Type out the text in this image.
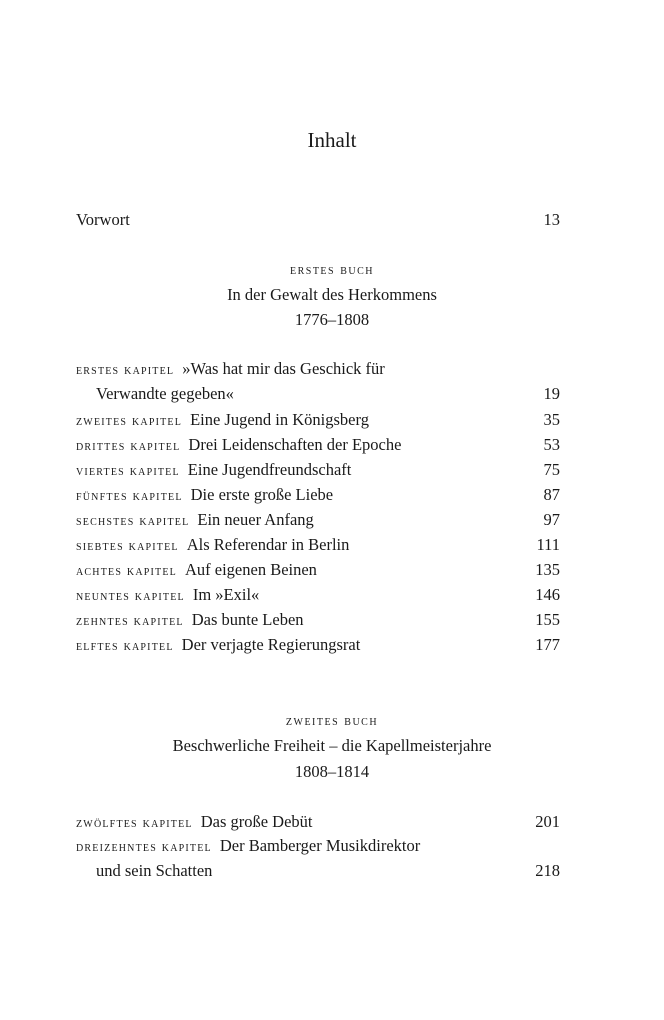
Inhalt
Vorwort	13
erstes buch
In der Gewalt des Herkommens
1776–1808
erstes kapitel »Was hat mir das Geschick für
Verwandte gegeben«	19
zweites kapitel Eine Jugend in Königsberg	35
drittes kapitel Drei Leidenschaften der Epoche	53
viertes kapitel Eine Jugendfreundschaft	75
fünftes kapitel Die erste große Liebe	87
sechstes kapitel Ein neuer Anfang	97
siebtes kapitel Als Referendar in Berlin	111
achtes kapitel Auf eigenen Beinen	135
neuntes kapitel Im »Exil«	146
zehntes kapitel Das bunte Leben	155
elftes kapitel Der verjagte Regierungsrat	177
zweites buch
Beschwerliche Freiheit – die Kapellmeisterjahre
1808–1814
zwölftes kapitel Das große Debüt	201
dreizehntes kapitel Der Bamberger Musikdirektor
und sein Schatten	218
